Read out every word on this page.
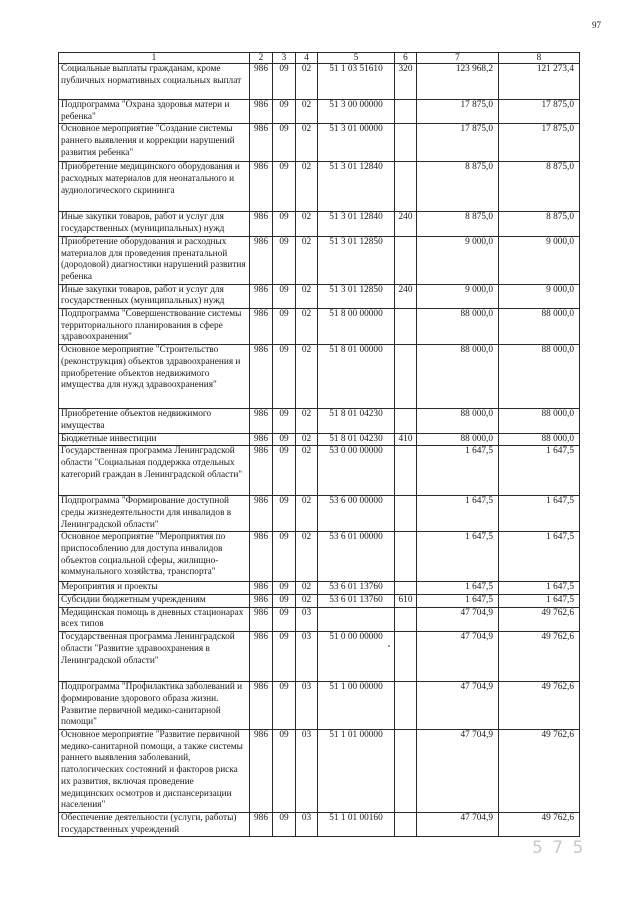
97
1	2	3	4	5	6	7	8
Социальные выплаты гражданам, кроме публичных нормативных социальных выплат	986	09	02	51 1 03 51610	320	123 968,2	121 273,4
Подпрограмма "Охрана здоровья матери и ребенка"	986	09	02	51 3 00 00000		17 875,0	17 875,0
Основное мероприятие "Создание системы раннего выявления и коррекции нарушений развития ребенка"	986	09	02	51 3 01 00000		17 875,0	17 875,0
Приобретение медицинского оборудования и расходных материалов для неонатального и аудиологического скрининга	986	09	02	51 3 01 12840		8 875,0	8 875,0
Иные закупки товаров, работ и услуг для государственных (муниципальных) нужд	986	09	02	51 3 01 12840	240	8 875,0	8 875,0
Приобретение оборудования и расходных материалов для проведения пренатальной (дородовой) диагностики нарушений развития ребенка	986	09	02	51 3 01 12850		9 000,0	9 000,0
Иные закупки товаров, работ и услуг для государственных (муниципальных) нужд	986	09	02	51 3 01 12850	240	9 000,0	9 000,0
Подпрограмма "Совершенствование системы территориального планирования в сфере здравоохранения"	986	09	02	51 8 00 00000		88 000,0	88 000,0
Основное мероприятие "Строительство (реконструкция) объектов здравоохранения и приобретение объектов недвижимого имущества для нужд здравоохранения"	986	09	02	51 8 01 00000		88 000,0	88 000,0
Приобретение объектов недвижимого имущества	986	09	02	51 8 01 04230		88 000,0	88 000,0
Бюджетные инвестиции	986	09	02	51 8 01 04230	410	88 000,0	88 000,0
Государственная программа Ленинградской области "Социальная поддержка отдельных категорий граждан в Ленинградской области"	986	09	02	53 0 00 00000		1 647,5	1 647,5
Подпрограмма "Формирование доступной среды жизнедеятельности для инвалидов в Ленинградской области"	986	09	02	53 6 00 00000		1 647,5	1 647,5
Основное мероприятие "Мероприятия по приспособлению для доступа инвалидов объектов социальной сферы, жилищно-коммунального хозяйства, транспорта"	986	09	02	53 6 01 00000		1 647,5	1 647,5
Мероприятия и проекты	986	09	02	53 6 01 13760		1 647,5	1 647,5
Субсидии бюджетным учреждениям	986	09	02	53 6 01 13760	610	1 647,5	1 647,5
Медицинская помощь в дневных стационарах всех типов	986	09	03			47 704,9	49 762,6
Государственная программа Ленинградской области "Развитие здравоохранения в Ленинградской области"	986	09	03	51 0 00 00000		47 704,9	49 762,6
Подпрограмма "Профилактика заболеваний и формирование здорового образа жизни. Развитие первичной медико-санитарной помощи"	986	09	03	51 1 00 00000		47 704,9	49 762,6
Основное мероприятие "Развитие первичной медико-санитарной помощи, а также системы раннего выявления заболеваний, патологических состояний и факторов риска их развития, включая проведение медицинских осмотров и диспансеризации населения"	986	09	03	51 1 01 00000		47 704,9	49 762,6
Обеспечение деятельности (услуги, работы) государственных учреждений	986	09	03	51 1 01 00160		47 704,9	49 762,6
5 7 5
